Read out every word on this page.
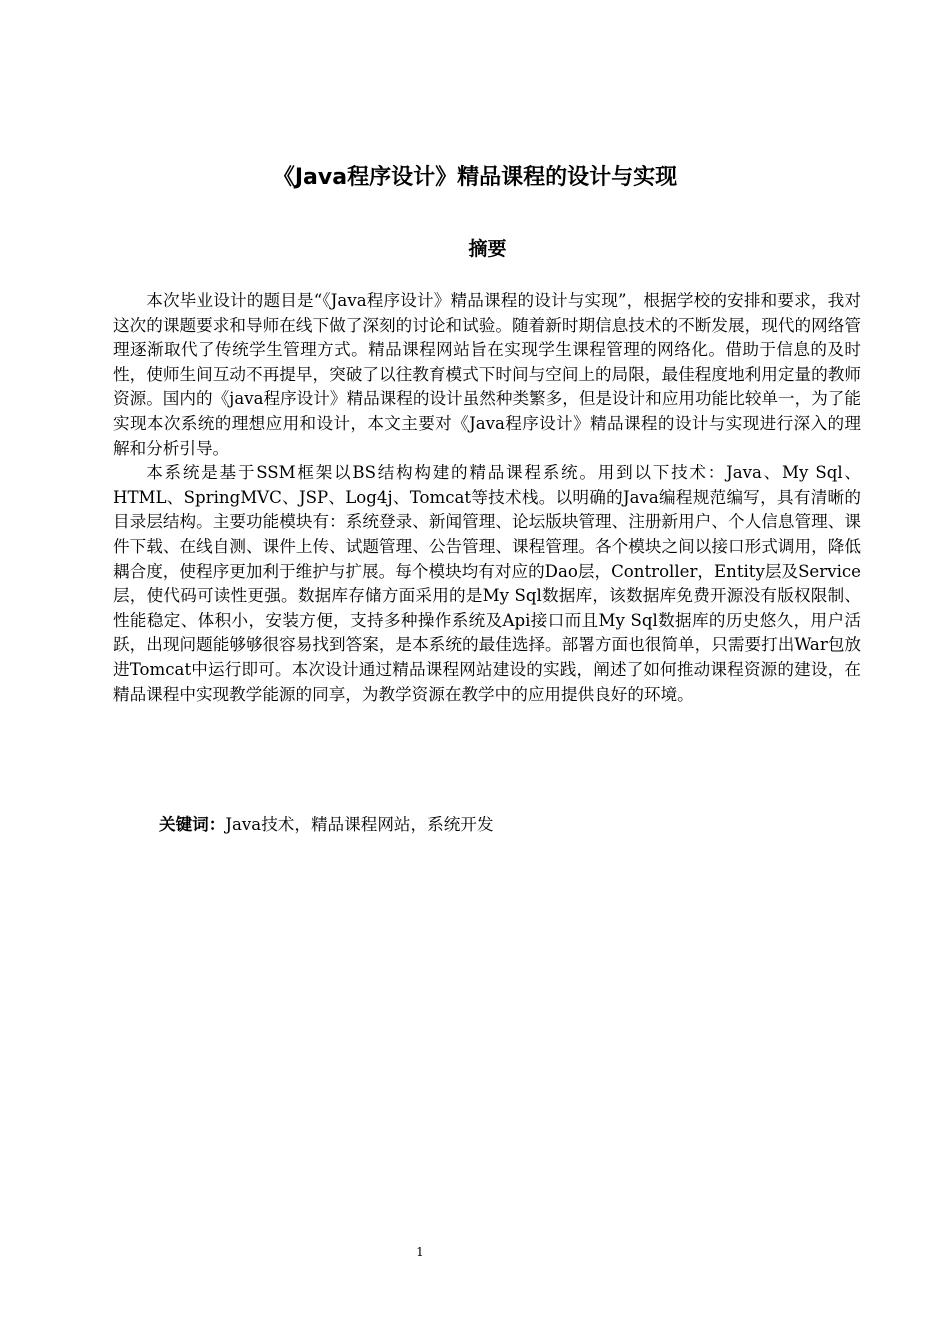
《Java程序设计》精品课程的设计与实现
摘要

本次毕业设计的题目是“《Java程序设计》精品课程的设计与实现”，根据学校的安排和要求，我对这次的课题要求和导师在线下做了深刻的讨论和试验。随着新时期信息技术的不断发展，现代的网络管理逐渐取代了传统学生管理方式。精品课程网站旨在实现学生课程管理的网络化。借助于信息的及时性，使师生间互动不再提早，突破了以往教育模式下时间与空间上的局限，最佳程度地利用定量的教师资源。国内的《java程序设计》精品课程的设计虽然种类繁多，但是设计和应用功能比较单一，为了能实现本次系统的理想应用和设计，本文主要对《Java程序设计》精品课程的设计与实现进行深入的理解和分析引导。

本系统是基于SSM框架以BS结构构建的精品课程系统。用到以下技术：Java、My Sql、HTML、SpringMVC、JSP、Log4j、Tomcat等技术栈。以明确的Java编程规范编写，具有清晰的目录层结构。主要功能模块有：系统登录、新闻管理、论坛版块管理、注册新用户、个人信息管理、课件下载、在线自测、课件上传、试题管理、公告管理、课程管理。各个模块之间以接口形式调用，降低耦合度，使程序更加利于维护与扩展。每个模块均有对应的Dao层，Controller，Entity层及Service层，使代码可读性更强。数据库存储方面采用的是My Sql数据库，该数据库免费开源没有版权限制、性能稳定、体积小，安装方便，支持多种操作系统及Api接口而且My Sql数据库的历史悠久，用户活跃，出现问题能够够很容易找到答案，是本系统的最佳选择。部署方面也很简单，只需要打出War包放进Tomcat中运行即可。本次设计通过精品课程网站建设的实践，阐述了如何推动课程资源的建设，在精品课程中实现教学能源的同享，为教学资源在教学中的应用提供良好的环境。

关键词：Java技术，精品课程网站，系统开发

1
